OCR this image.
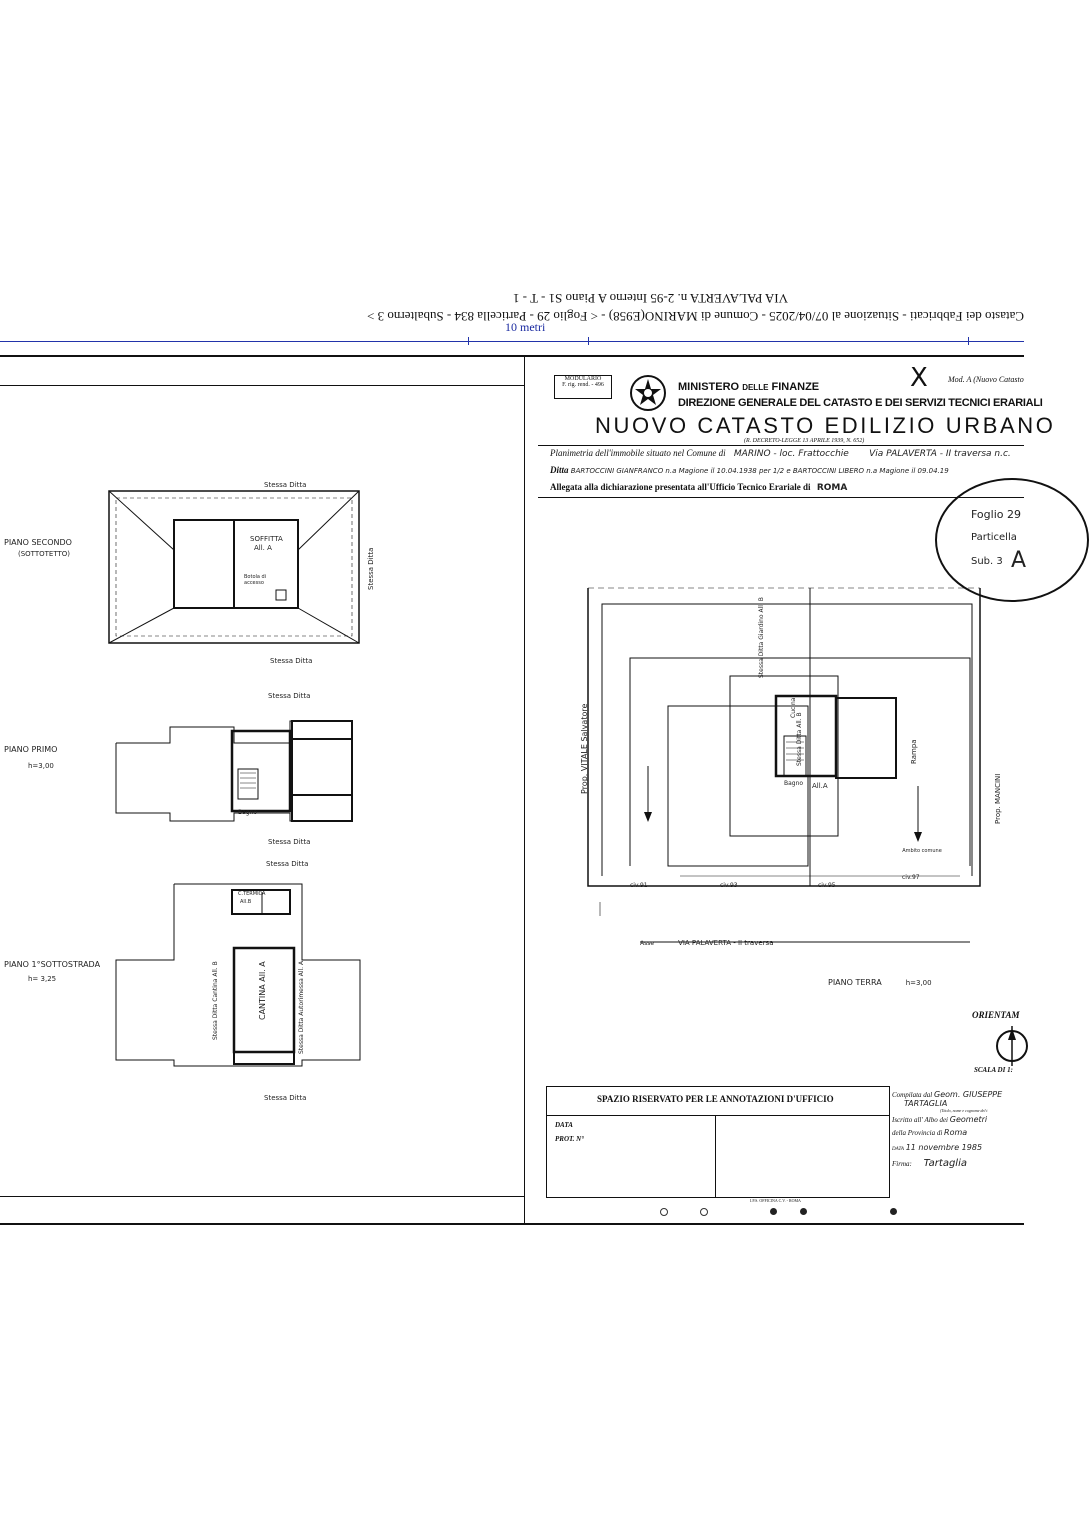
VIA PALAVERTA n. 2-95 Interno A Piano S1 - T - 1
Catasto dei Fabbricati - Situazione al 07/04/2025 - Comune di MARINO(E958) - < Foglio 29 - Particella 834 - Subalterno 3 >
10 metri
MODULARIO
F. rig. rend. - 496	MINISTERO DELLE FINANZE	X	Mod. A (Nuovo Catasto
DIREZIONE GENERALE DEL CATASTO E DEI SERVIZI TECNICI ERARIALI
NUOVO CATASTO EDILIZIO URBANO
(R. DECRETO-LEGGE 13 APRILE 1939, N. 652)
Planimetria dell'immobile situato nel Comune di MARINO - loc. Frattocchie Via PALAVERTA - II traversa n.c.
Ditta BARTOCCINI GIANFRANCO n.a Magione il 10.04.1938 per 1/2 e BARTOCCINI LIBERO n.a Magione il 09.04.19
Allegata alla dichiarazione presentata all'Ufficio Tecnico Erariale di ROMA
Foglio 29
Particella
Sub. 3 A
PIANO SECONDO
(SOTTOTETTO)
Stessa Ditta
SOFFITTA
All. A
Botola di accesso
Stessa Ditta
Stessa Ditta
PIANO PRIMO
h=3,00
Stessa Ditta
Bagno
Stessa Ditta
PIANO 1°SOTTOSTRADA
h= 3,25
Stessa Ditta
C.TERMICA
All.B
CANTINA All. A
Stessa Ditta Cantina All. B	Stessa Ditta Autorimessa All. A
Stessa Ditta
Prop. VITALE Salvatore
Prop. MANCINI
Stessa Ditta Giardino All. B
Stessa Ditta All. B	Rampa
Cucina
Bagno All.A
Ambito comune
civ.91	civ.93	civ.95
civ.97
Asse	VIA PALAVERTA - II traversa
PIANO TERRA	h=3,00
ORIENTAM
SCALA DI 1:
SPAZIO RISERVATO PER LE ANNOTAZIONI D'UFFICIO
DATA
PROT. N°
I.P.S. OFFICINA C.V. - ROMA
Compilata dal Geom. GIUSEPPE
TARTAGLIA
(Titolo, nome e cognome del t
Iscritto all' Albo dei Geometri
della Provincia di Roma
DATA 11 novembre 1985
Firma: Tartaglia
